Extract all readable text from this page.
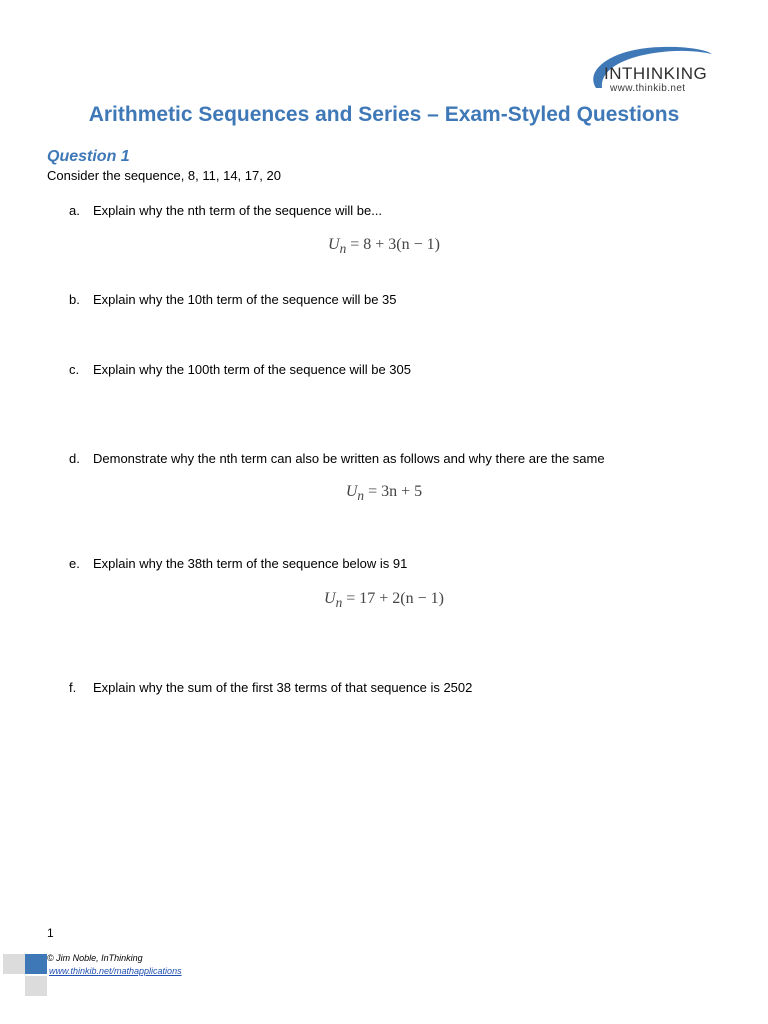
INTHINKING
www.thinkib.net
Arithmetic Sequences and Series – Exam-Styled Questions
Question 1
Consider the sequence, 8, 11, 14, 17, 20
a. Explain why the nth term of the sequence will be...
$U_n = 8 + 3(n - 1)$
b. Explain why the 10th term of the sequence will be 35
c. Explain why the 100th term of the sequence will be 305
d. Demonstrate why the nth term can also be written as follows and why there are the same
$U_n = 3n + 5$
e. Explain why the 38th term of the sequence below is 91
$U_n = 17 + 2(n - 1)$
f. Explain why the sum of the first 38 terms of that sequence is 2502
1
© Jim Noble, InThinking
www.thinkib.net/mathapplications
